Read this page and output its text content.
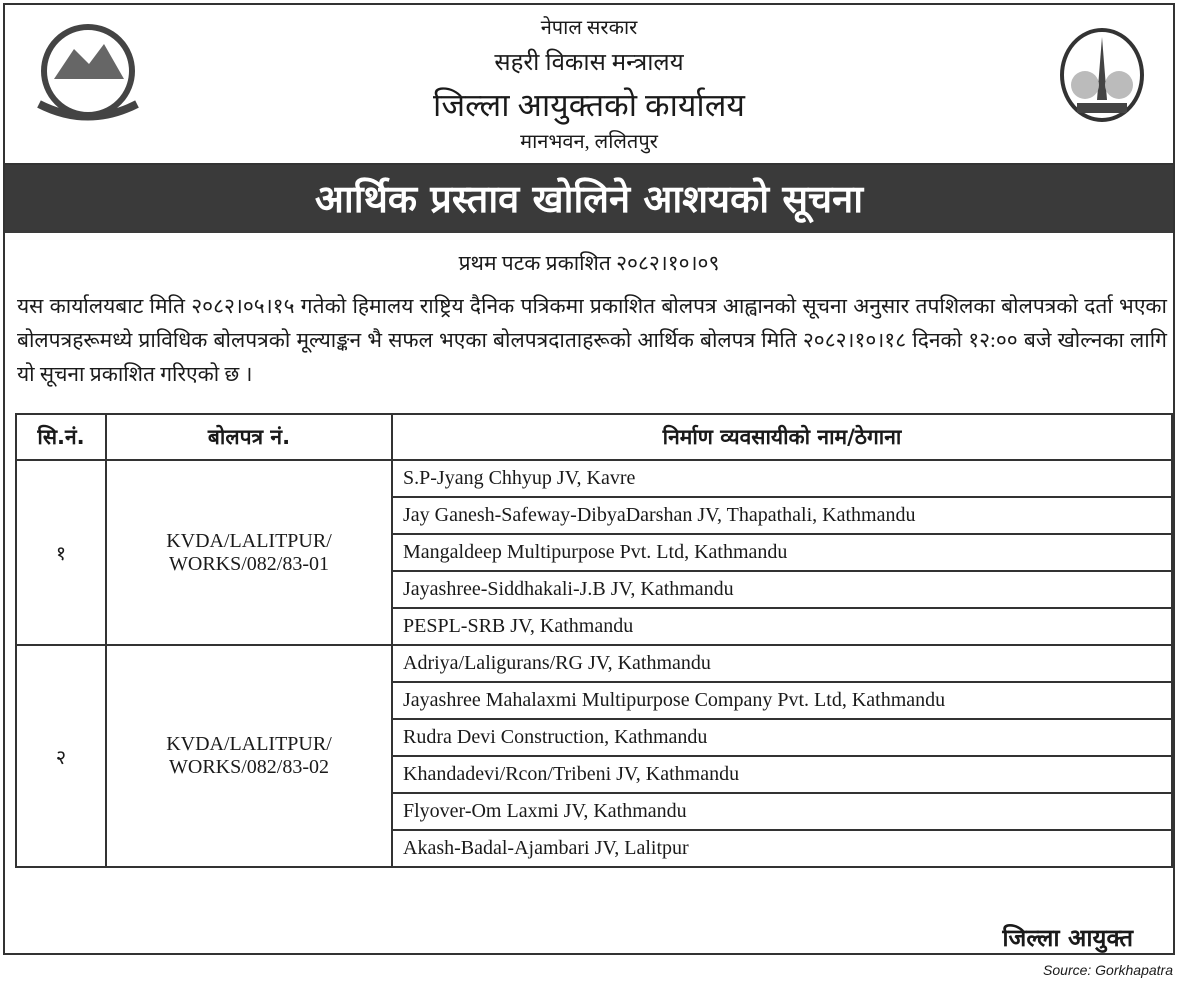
नेपाल सरकार
सहरी विकास मन्त्रालय
जिल्ला आयुक्तको कार्यालय
मानभवन, ललितपुर
आर्थिक प्रस्ताव खोलिने आशयको सूचना
प्रथम पटक प्रकाशित २०८२।१०।०९
यस कार्यालयबाट मिति २०८२।०५।१५ गतेको हिमालय राष्ट्रिय दैनिक पत्रिकमा प्रकाशित बोलपत्र आह्वानको सूचना अनुसार तपशिलका बोलपत्रको दर्ता भएका बोलपत्रहरूमध्ये प्राविधिक बोलपत्रको मूल्याङ्कन भै सफल भएका बोलपत्रदाताहरूको आर्थिक बोलपत्र मिति २०८२।१०।१८ दिनको १२:०० बजे खोल्नका लागि यो सूचना प्रकाशित गरिएको छ ।
सि.नं.	बोलपत्र नं.	निर्माण व्यवसायीको नाम/ठेगाना
१	KVDA/LALITPUR/ WORKS/082/83-01	S.P-Jyang Chhyup JV, Kavre
		Jay Ganesh-Safeway-DibyaDarshan JV, Thapathali, Kathmandu
		Mangaldeep Multipurpose Pvt. Ltd, Kathmandu
		Jayashree-Siddhakali-J.B JV, Kathmandu
		PESPL-SRB JV, Kathmandu
२	KVDA/LALITPUR/ WORKS/082/83-02	Adriya/Laligurans/RG JV, Kathmandu
		Jayashree Mahalaxmi Multipurpose Company Pvt. Ltd, Kathmandu
		Rudra Devi Construction, Kathmandu
		Khandadevi/Rcon/Tribeni JV, Kathmandu
		Flyover-Om Laxmi JV, Kathmandu
		Akash-Badal-Ajambari JV, Lalitpur
जिल्ला आयुक्त
Source: Gorkhapatra
